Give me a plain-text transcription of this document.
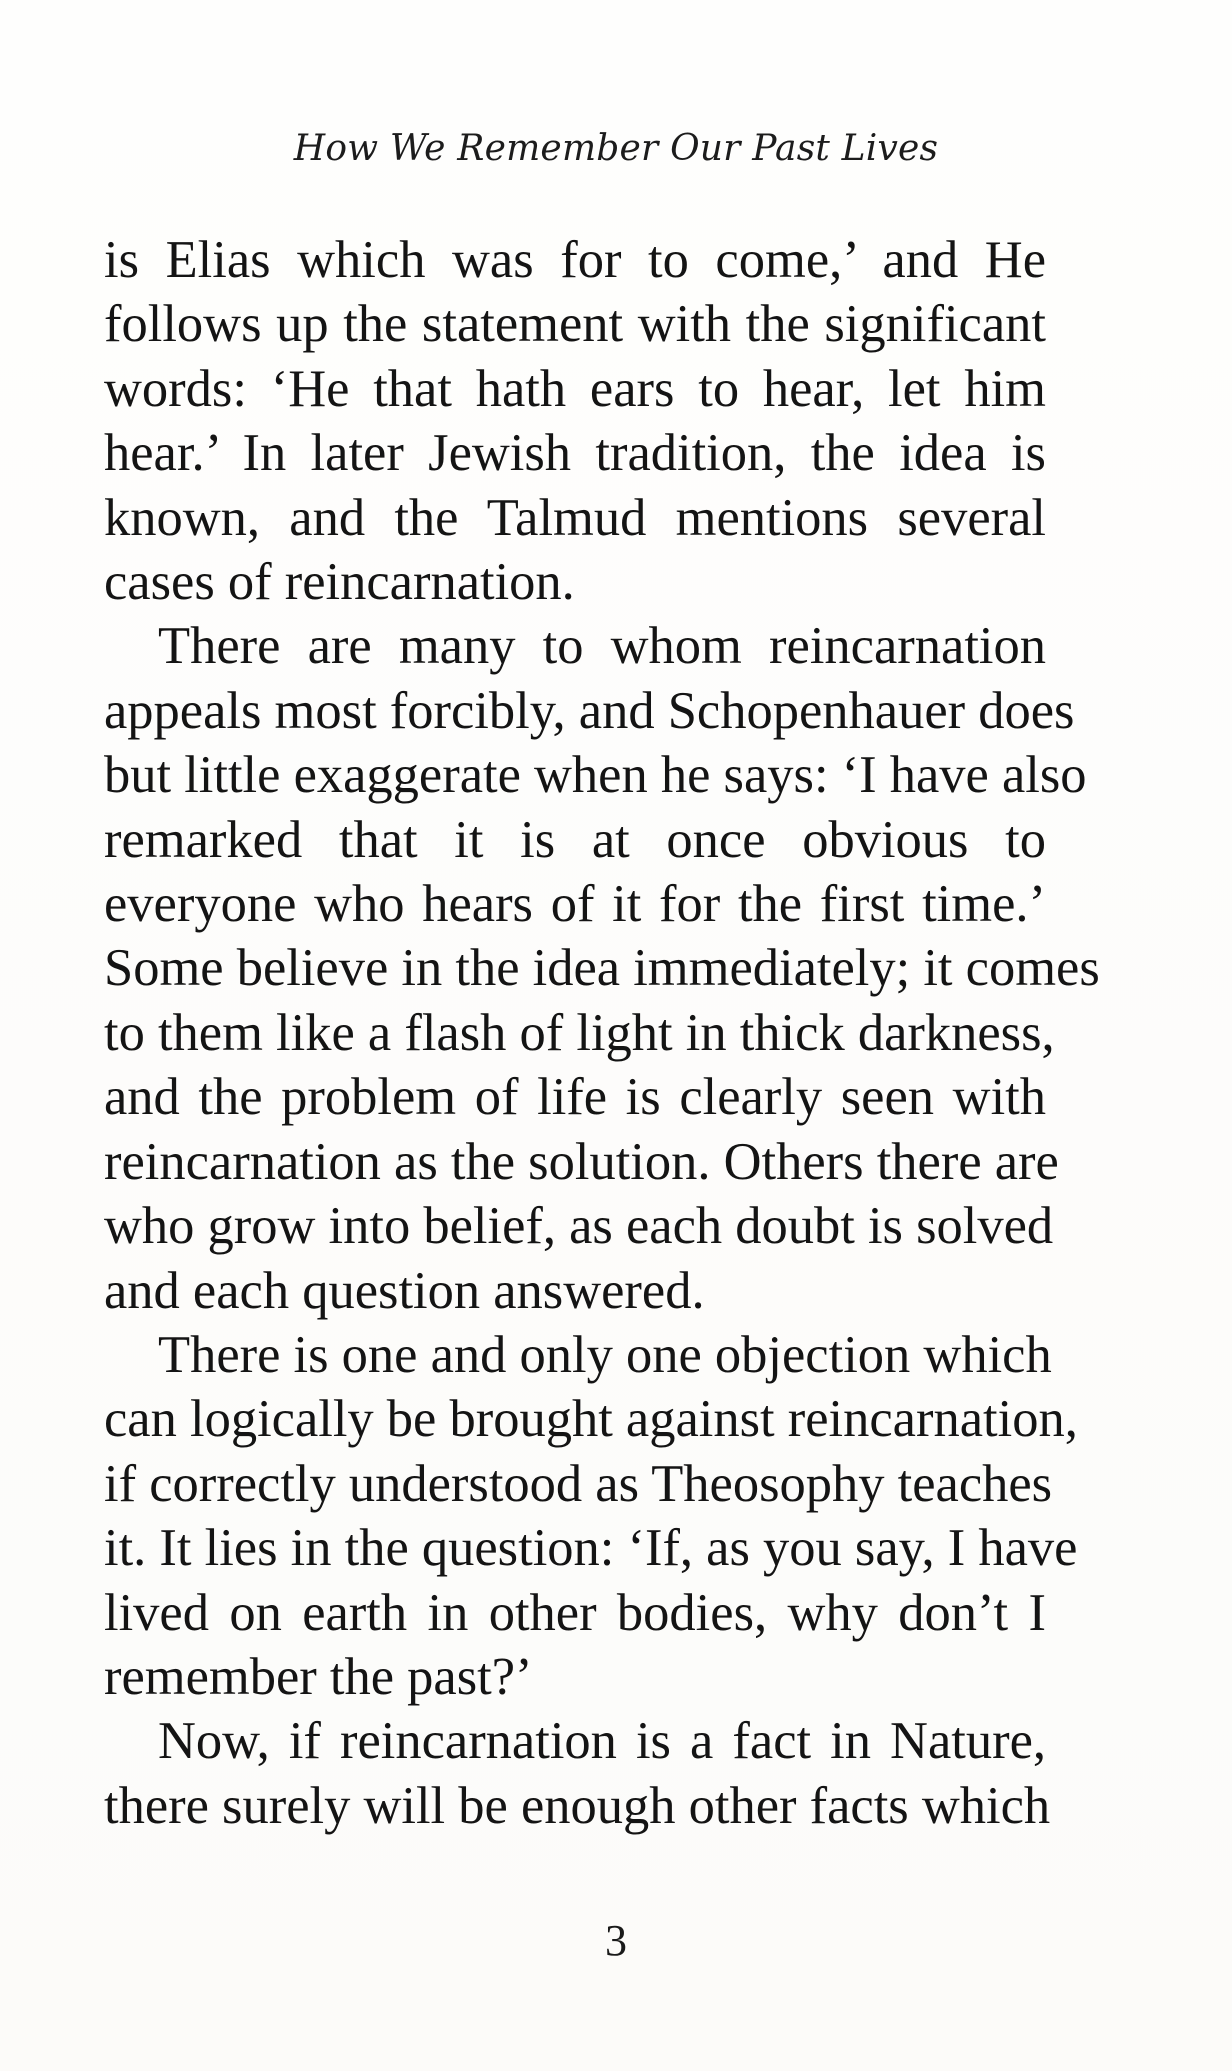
How We Remember Our Past Lives
is Elias which was for to come,’ and He
follows up the statement with the significant
words: ‘He that hath ears to hear, let him
hear.’ In later Jewish tradition, the idea is
known, and the Talmud mentions several
cases of reincarnation.
There are many to whom reincarnation
appeals most forcibly, and Schopenhauer does
but little exaggerate when he says: ‘I have also
remarked that it is at once obvious to
everyone who hears of it for the first time.’
Some believe in the idea immediately; it comes
to them like a flash of light in thick darkness,
and the problem of life is clearly seen with
reincarnation as the solution. Others there are
who grow into belief, as each doubt is solved
and each question answered.
There is one and only one objection which
can logically be brought against reincarnation,
if correctly understood as Theosophy teaches
it. It lies in the question: ‘If, as you say, I have
lived on earth in other bodies, why don’t I
remember the past?’
Now, if reincarnation is a fact in Nature,
there surely will be enough other facts which
3
